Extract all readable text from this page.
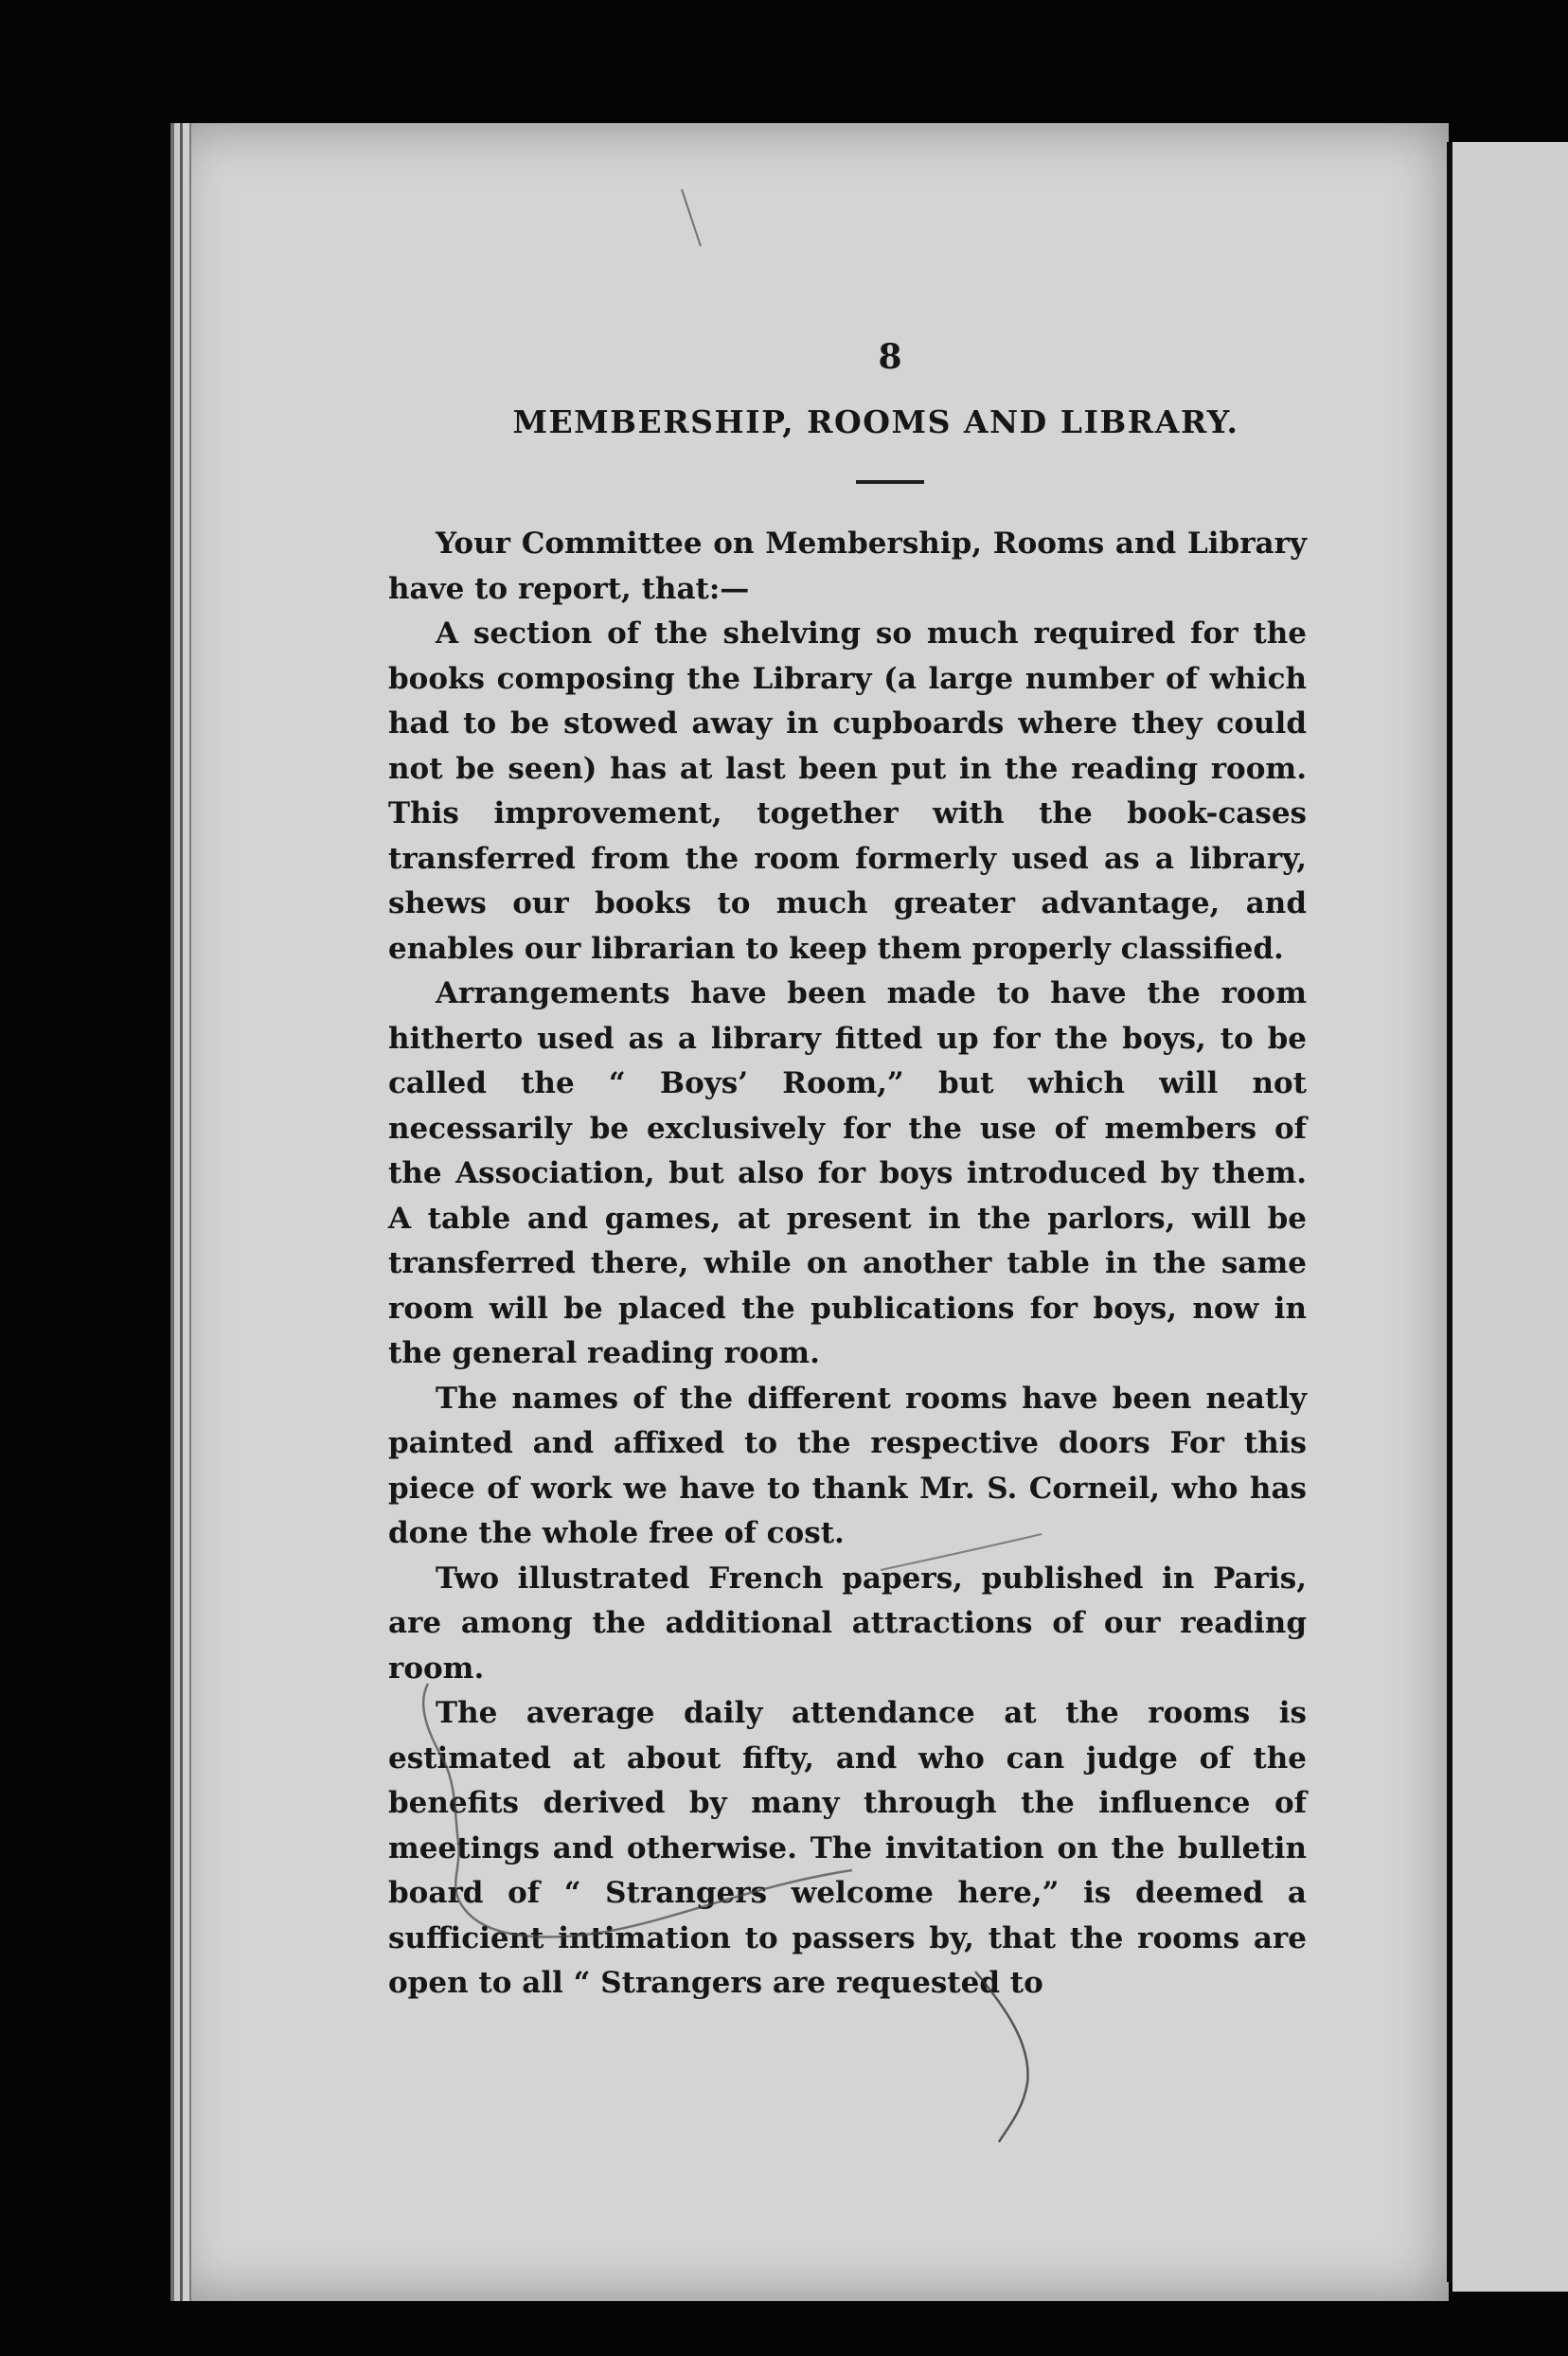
8
MEMBERSHIP, ROOMS AND LIBRARY.

Your Committee on Membership, Rooms and Library have to report, that:—

A section of the shelving so much required for the books composing the Library (a large number of which had to be stowed away in cupboards where they could not be seen) has at last been put in the reading room. This improvement, together with the book-cases transferred from the room formerly used as a library, shews our books to much greater advantage, and enables our librarian to keep them properly classified.

Arrangements have been made to have the room hitherto used as a library fitted up for the boys, to be called the “ Boys’ Room,” but which will not necessarily be exclusively for the use of members of the Association, but also for boys introduced by them. A table and games, at present in the parlors, will be transferred there, while on another table in the same room will be placed the publications for boys, now in the general reading room.

The names of the different rooms have been neatly painted and affixed to the respective doors For this piece of work we have to thank Mr. S. Corneil, who has done the whole free of cost.

Two illustrated French papers, published in Paris, are among the additional attractions of our reading room.

The average daily attendance at the rooms is estimated at about fifty, and who can judge of the benefits derived by many through the influence of meetings and otherwise. The invitation on the bulletin board of “ Strangers welcome here,” is deemed a sufficient intimation to passers by, that the rooms are open to all “ Strangers are requested to
